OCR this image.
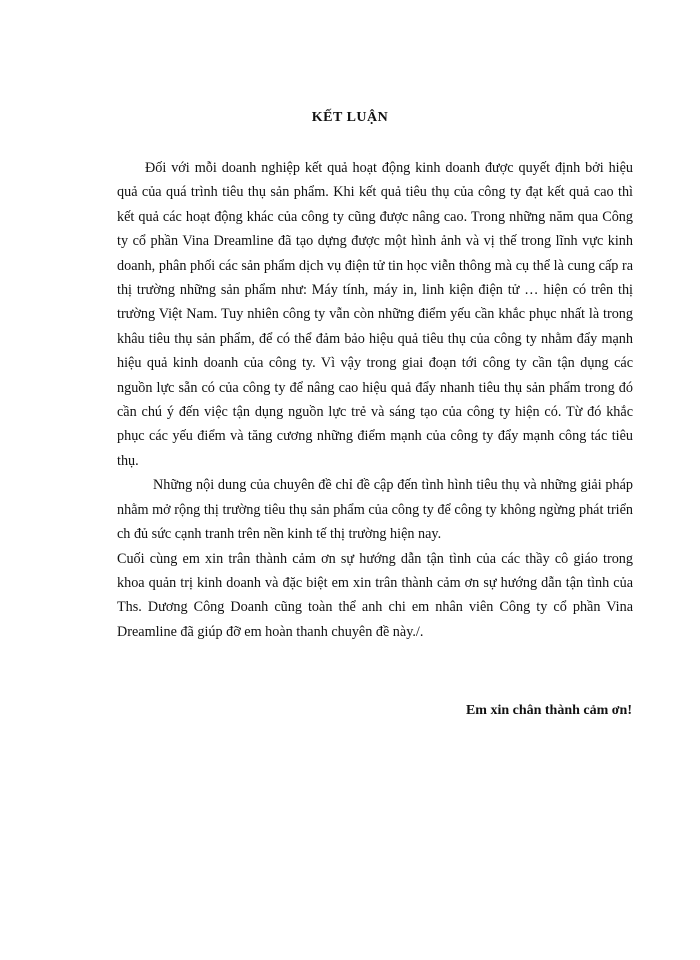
KẾT LUẬN

Đối với mỗi doanh nghiệp kết quả hoạt động kinh doanh được quyết định bởi hiệu quả của quá trình tiêu thụ sản phẩm. Khi kết quả tiêu thụ của công ty đạt kết quả cao thì kết quả các hoạt động khác của công ty cũng được nâng cao. Trong những năm qua Công ty cổ phần Vina Dreamline đã tạo dựng được một hình ảnh và vị thế trong lĩnh vực kinh doanh, phân phối các sản phẩm dịch vụ điện tử tin học viễn thông mà cụ thể là cung cấp ra thị trường những sản phẩm như: Máy tính, máy in, linh kiện điện tử … hiện có trên thị trường Việt Nam. Tuy nhiên công ty vẫn còn những điểm yếu cần khắc phục nhất là trong khâu tiêu thụ sản phẩm, để có thể đảm bảo hiệu quả tiêu thụ của công ty nhằm đẩy mạnh hiệu quả kinh doanh của công ty. Vì vậy trong giai đoạn tới công ty cần tận dụng các nguồn lực sẵn có của công ty để nâng cao hiệu quả đẩy nhanh tiêu thụ sản phẩm trong đó cần chú ý đến việc tận dụng nguồn lực trẻ và sáng tạo của công ty hiện có. Từ đó khắc phục các yếu điểm và tăng cương những điểm mạnh của công ty đẩy mạnh công tác tiêu thụ.

Những nội dung của chuyên đề chỉ đề cập đến tình hình tiêu thụ và những giải pháp nhằm mở rộng thị trường tiêu thụ sản phẩm của công ty để công ty không ngừng phát triển ch đủ sức cạnh tranh trên nền kinh tế thị trường hiện nay.

Cuối cùng em xin trân thành cảm ơn sự hướng dẫn tận tình của các thầy cô giáo trong khoa quản trị kinh doanh và đặc biệt em xin trân thành cảm ơn sự hướng dẫn tận tình của Ths. Dương Công Doanh cũng toàn thể anh chi em nhân viên Công ty cổ phần Vina Dreamline đã giúp đỡ em hoàn thanh chuyên đề này./.

Em xin chân thành cảm ơn!
